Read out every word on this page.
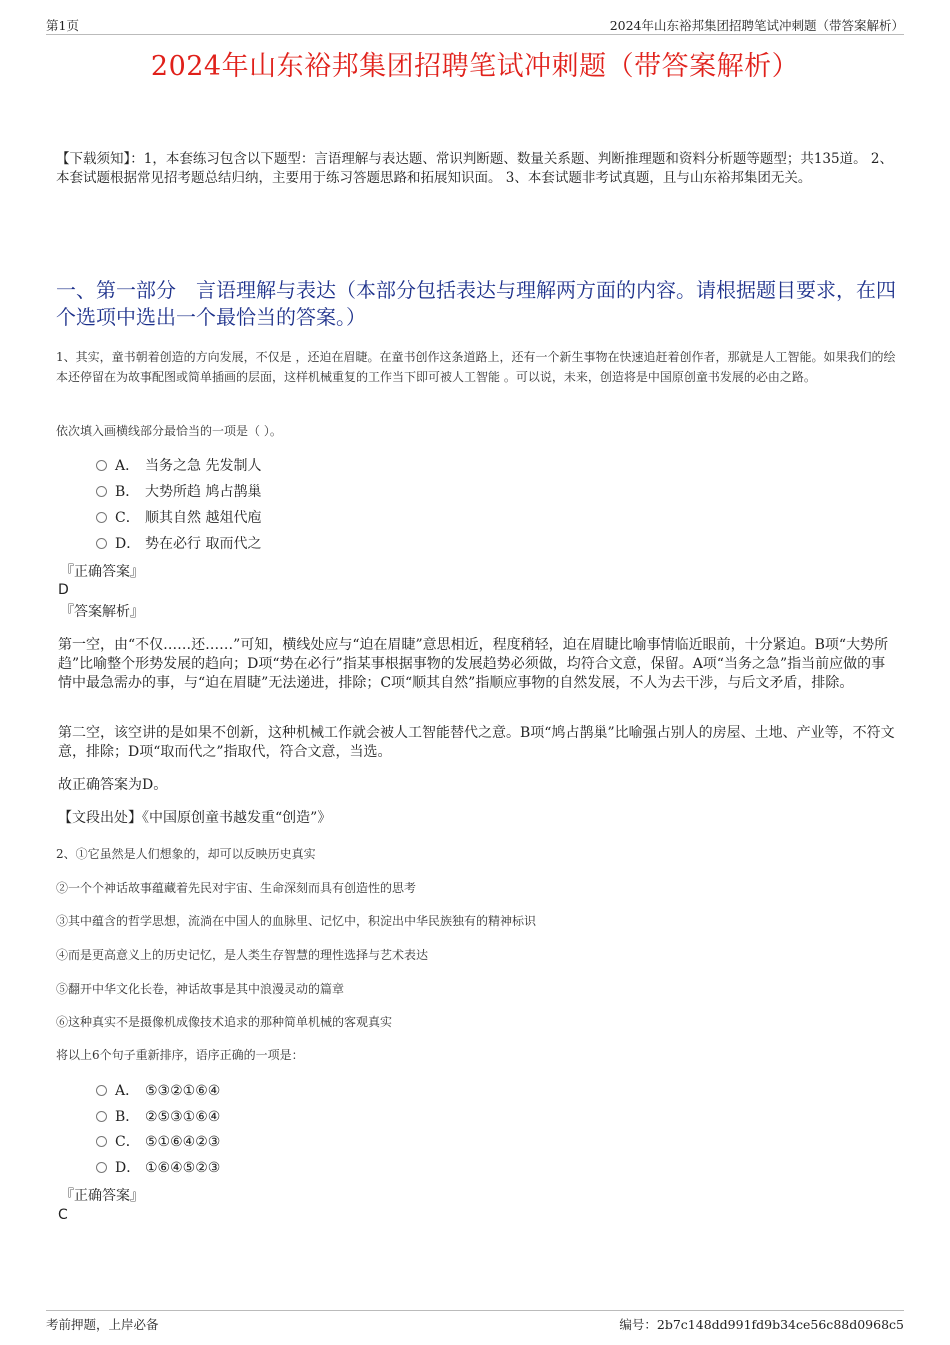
第1页	2024年山东裕邦集团招聘笔试冲刺题（带答案解析）
2024年山东裕邦集团招聘笔试冲刺题（带答案解析）
【下载须知】：1，本套练习包含以下题型：言语理解与表达题、常识判断题、数量关系题、判断推理题和资料分析题等题型；共135道。 2、本套试题根据常见招考题总结归纳，主要用于练习答题思路和拓展知识面。 3、本套试题非考试真题，且与山东裕邦集团无关。
一、第一部分　言语理解与表达（本部分包括表达与理解两方面的内容。请根据题目要求，在四个选项中选出一个最恰当的答案。）
1、其实，童书朝着创造的方向发展，不仅是 ，还迫在眉睫。在童书创作这条道路上，还有一个新生事物在快速追赶着创作者，那就是人工智能。如果我们的绘本还停留在为故事配图或简单插画的层面，这样机械重复的工作当下即可被人工智能 。可以说，未来，创造将是中国原创童书发展的必由之路。
依次填入画横线部分最恰当的一项是（ ）。
A． 当务之急 先发制人
B． 大势所趋 鸠占鹊巢
C． 顺其自然 越俎代庖
D． 势在必行 取而代之
『正确答案』
D
『答案解析』
第一空，由“不仅……还……”可知，横线处应与“迫在眉睫”意思相近，程度稍轻，迫在眉睫比喻事情临近眼前，十分紧迫。B项“大势所趋”比喻整个形势发展的趋向；D项“势在必行”指某事根据事物的发展趋势必须做，均符合文意，保留。A项“当务之急”指当前应做的事情中最急需办的事，与“迫在眉睫”无法递进，排除；C项“顺其自然”指顺应事物的自然发展，不人为去干涉，与后文矛盾，排除。
第二空，该空讲的是如果不创新，这种机械工作就会被人工智能替代之意。B项“鸠占鹊巢”比喻强占别人的房屋、土地、产业等，不符文意，排除；D项“取而代之”指取代，符合文意，当选。
故正确答案为D。
【文段出处】《中国原创童书越发重“创造”》
2、①它虽然是人们想象的，却可以反映历史真实
②一个个神话故事蕴藏着先民对宇宙、生命深刻而具有创造性的思考
③其中蕴含的哲学思想，流淌在中国人的血脉里、记忆中，积淀出中华民族独有的精神标识
④而是更高意义上的历史记忆，是人类生存智慧的理性选择与艺术表达
⑤翻开中华文化长卷，神话故事是其中浪漫灵动的篇章
⑥这种真实不是摄像机成像技术追求的那种简单机械的客观真实
将以上6个句子重新排序，语序正确的一项是：
A． ⑤③②①⑥④
B． ②⑤③①⑥④
C． ⑤①⑥④②③
D． ①⑥④⑤②③
『正确答案』
C
考前押题，上岸必备	编号：2b7c148dd991fd9b34ce56c88d0968c5
